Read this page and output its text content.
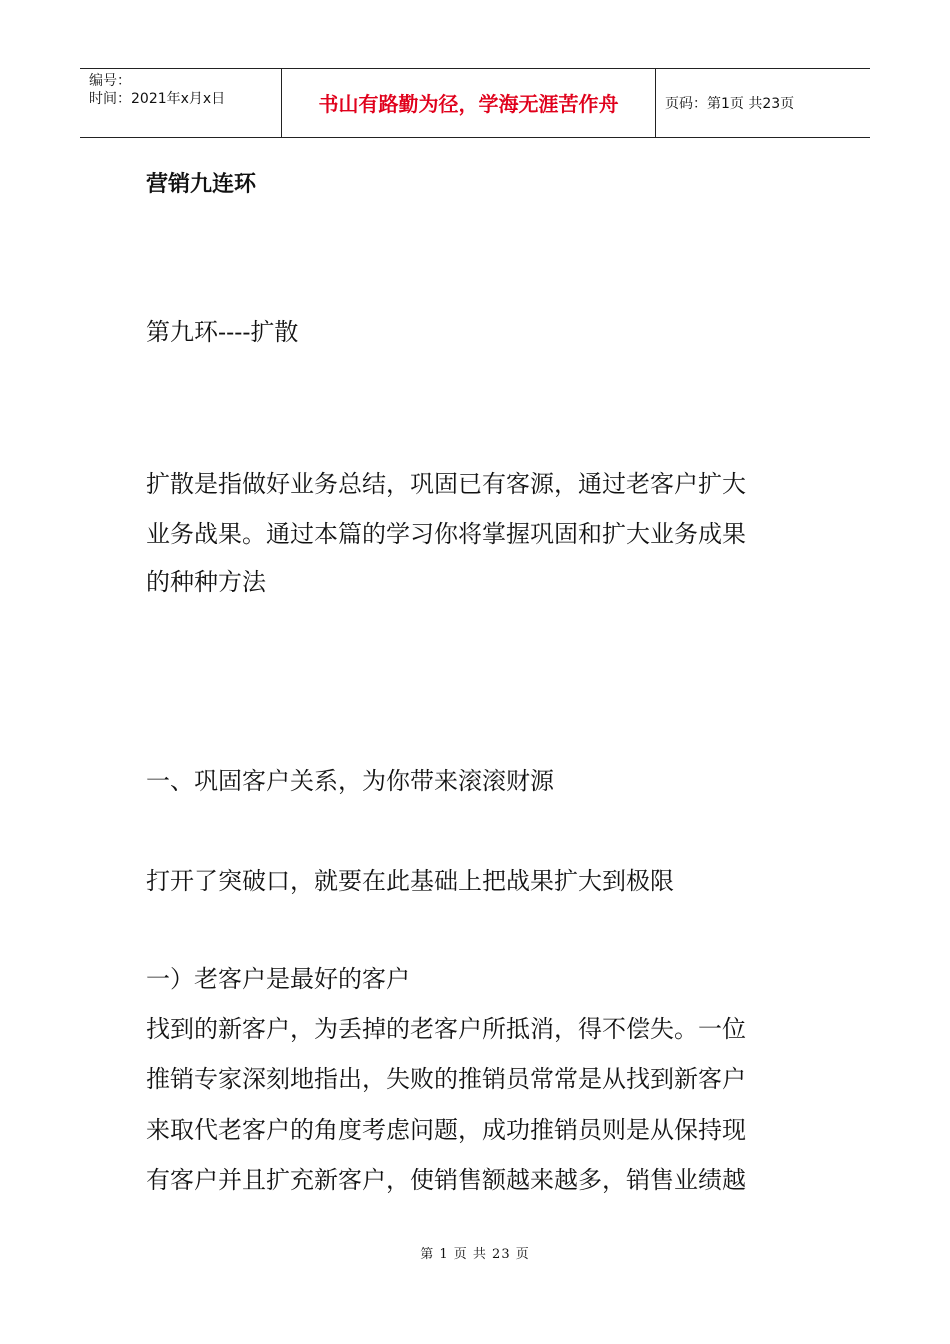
编号：
时间：2021年x月x日	书山有路勤为径，学海无涯苦作舟	页码：第1页 共23页
营销九连环
第九环----扩散
扩散是指做好业务总结，巩固已有客源，通过老客户扩大
业务战果。通过本篇的学习你将掌握巩固和扩大业务成果
的种种方法
一、巩固客户关系，为你带来滚滚财源
打开了突破口，就要在此基础上把战果扩大到极限
一）老客户是最好的客户
找到的新客户，为丢掉的老客户所抵消，得不偿失。一位
推销专家深刻地指出，失败的推销员常常是从找到新客户
来取代老客户的角度考虑问题，成功推销员则是从保持现
有客户并且扩充新客户，使销售额越来越多，销售业绩越
第 1 页 共 23 页
